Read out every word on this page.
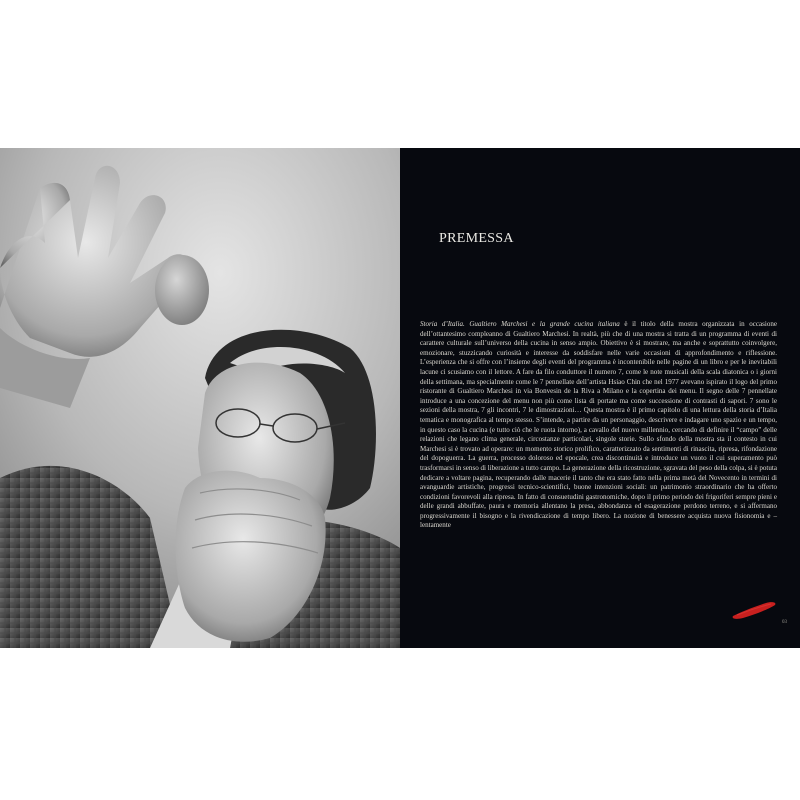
PREMESSA

Storia d’Italia. Gualtiero Marchesi e la grande cucina italiana è il titolo della mostra organizzata in occasione dell’ottantesimo compleanno di Gualtiero Marchesi. In realtà, più che di una mostra si tratta di un programma di eventi di carattere culturale sull’universo della cucina in senso ampio. Obiettivo è sì mostrare, ma anche e soprattutto coinvolgere, emozionare, stuzzicando curiosità e interesse da soddisfare nelle varie occasioni di approfondimento e riflessione. L’esperienza che si offre con l’insieme degli eventi del programma è incontenibile nelle pagine di un libro e per le inevitabili lacune ci scusiamo con il lettore. A fare da filo conduttore il numero 7, come le note musicali della scala diatonica o i giorni della settimana, ma specialmente come le 7 pennellate dell’artista Hsiao Chin che nel 1977 avevano ispirato il logo del primo ristorante di Gualtiero Marchesi in via Bonvesin de la Riva a Milano e la copertina dei menu. Il segno delle 7 pennellate introduce a una concezione del menu non più come lista di portate ma come successione di contrasti di sapori. 7 sono le sezioni della mostra, 7 gli incontri, 7 le dimostrazioni… Questa mostra è il primo capitolo di una lettura della storia d’Italia tematica e monografica al tempo stesso. S’intende, a partire da un personaggio, descrivere e indagare uno spazio e un tempo, in questo caso la cucina (e tutto ciò che le ruota intorno), a cavallo del nuovo millennio, cercando di definire il “campo” delle relazioni che legano clima generale, circostanze particolari, singole storie. Sullo sfondo della mostra sta il contesto in cui Marchesi si è trovato ad operare: un momento storico prolifico, caratterizzato da sentimenti di rinascita, ripresa, rifondazione del dopoguerra. La guerra, processo doloroso ed epocale, crea discontinuità e introduce un vuoto il cui superamento può trasformarsi in senso di liberazione a tutto campo. La generazione della ricostruzione, sgravata del peso della colpa, si è potuta dedicare a voltare pagina, recuperando dalle macerie il tanto che era stato fatto nella prima metà del Novecento in termini di avanguardie artistiche, progressi tecnico-scientifici, buone intenzioni sociali: un patrimonio straordinario che ha offerto condizioni favorevoli alla ripresa. In fatto di consuetudini gastronomiche, dopo il primo periodo dei frigoriferi sempre pieni e delle grandi abbuffate, paura e memoria allentano la presa, abbondanza ed esagerazione perdono terreno, e si affermano progressivamente il bisogno e la rivendicazione di tempo libero. La nozione di benessere acquista nuova fisionomia e – lentamente

03
